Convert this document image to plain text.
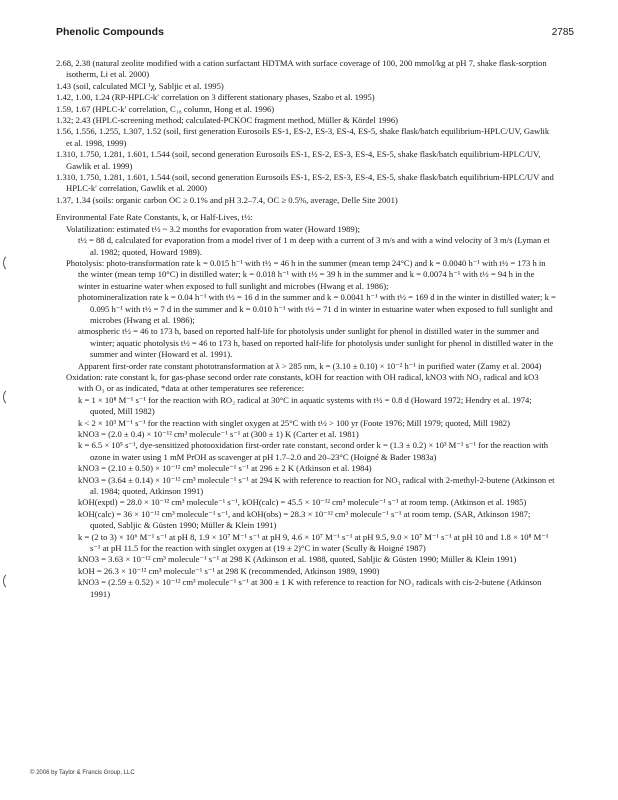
Phenolic Compounds	2785
2.68, 2.38 (natural zeolite modified with a cation surfactant HDTMA with surface coverage of 100, 200 mmol/kg at pH 7, shake flask-sorption isotherm, Li et al. 2000)
1.43 (soil, calculated MCI ¹χ, Sabljic et al. 1995)
1.42, 1.00, 1.24 (RP-HPLC-k′ correlation on 3 different stationary phases, Szabo et al. 1995)
1.59, 1.67 (HPLC-k′ correlation, C₁₈ column, Hong et al. 1996)
1.32; 2.43 (HPLC-screening method; calculated-PCKOC fragment method, Müller & Kördel 1996)
1.56, 1.556, 1.255, 1.307, 1.52 (soil, first generation Eurosoils ES-1, ES-2, ES-3, ES-4, ES-5, shake flask/batch equilibrium-HPLC/UV, Gawlik et al. 1998, 1999)
1.310, 1.750, 1.281, 1.601, 1.544 (soil, second generation Eurosoils ES-1, ES-2, ES-3, ES-4, ES-5, shake flask/batch equilibrium-HPLC/UV, Gawlik et al. 1999)
1.310, 1.750, 1.281, 1.601, 1.544 (soil, second generation Eurosoils ES-1, ES-2, ES-3, ES-4, ES-5, shake flask/batch equilibrium-HPLC/UV and HPLC-k′ correlation, Gawlik et al. 2000)
1.37, 1.34 (soils: organic carbon OC ≥ 0.1% and pH 3.2–7.4, OC ≥ 0.5%, average, Delle Site 2001)
Environmental Fate Rate Constants, k, or Half-Lives, t½:
Volatilization: estimated t½ ~ 3.2 months for evaporation from water (Howard 1989);
t½ = 88 d, calculated for evaporation from a model river of 1 m deep with a current of 3 m/s and with a wind velocity of 3 m/s (Lyman et al. 1982; quoted, Howard 1989).
Photolysis: photo-transformation rate k = 0.015 h⁻¹ with t½ = 46 h in the summer (mean temp 24°C) and k = 0.0040 h⁻¹ with t½ = 173 h in the winter (mean temp 10°C) in distilled water; k = 0.018 h⁻¹ with t½ = 39 h in the summer and k = 0.0074 h⁻¹ with t½ = 94 h in the winter in estuarine water when exposed to full sunlight and microbes (Hwang et al. 1986);
photomineralization rate k = 0.04 h⁻¹ with t½ = 16 d in the summer and k = 0.0041 h⁻¹ with t½ = 169 d in the winter in distilled water; k = 0.095 h⁻¹ with t½ = 7 d in the summer and k = 0.010 h⁻¹ with t½ = 71 d in winter in estuarine water when exposed to full sunlight and microbes (Hwang et al. 1986);
atmospheric t½ = 46 to 173 h, based on reported half-life for photolysis under sunlight for phenol in distilled water in the summer and winter; aquatic photolysis t½ = 46 to 173 h, based on reported half-life for photolysis under sunlight for phenol in distilled water in the summer and winter (Howard et al. 1991).
Apparent first-order rate constant phototransformation at λ > 285 nm, k = (3.10 ± 0.10) × 10⁻² h⁻¹ in purified water (Zamy et al. 2004)
Oxidation: rate constant k, for gas-phase second order rate constants, kOH for reaction with OH radical, kNO3 with NO₃ radical and kO3 with O₃ or as indicated, *data at other temperatures see reference:
k = 1 × 10⁸ M⁻¹ s⁻¹ for the reaction with RO₂ radical at 30°C in aquatic systems with t½ = 0.8 d (Howard 1972; Hendry et al. 1974; quoted, Mill 1982)
k < 2 × 10³ M⁻¹ s⁻¹ for the reaction with singlet oxygen at 25°C with t½ > 100 yr (Foote 1976; Mill 1979; quoted, Mill 1982)
kNO3 = (2.0 ± 0.4) × 10⁻¹² cm³ molecule⁻¹ s⁻¹ at (300 ± 1) K (Carter et al. 1981)
k = 6.5 × 10⁵ s⁻¹, dye-sensitized photooxidation first-order rate constant, second order k = (1.3 ± 0.2) × 10³ M⁻¹ s⁻¹ for the reaction with ozone in water using 1 mM PrOH as scavenger at pH 1.7–2.0 and 20–23°C (Hoigné & Bader 1983a)
kNO3 = (2.10 ± 0.50) × 10⁻¹² cm³ molecule⁻¹ s⁻¹ at 296 ± 2 K (Atkinson et al. 1984)
kNO3 = (3.64 ± 0.14) × 10⁻¹² cm³ molecule⁻¹ s⁻¹ at 294 K with reference to reaction for NO₃ radical with 2-methyl-2-butene (Atkinson et al. 1984; quoted, Atkinson 1991)
kOH(exptl) = 28.0 × 10⁻¹² cm³ molecule⁻¹ s⁻¹, kOH(calc) = 45.5 × 10⁻¹² cm³ molecule⁻¹ s⁻¹ at room temp. (Atkinson et al. 1985)
kOH(calc) = 36 × 10⁻¹² cm³ molecule⁻¹ s⁻¹, and kOH(obs) = 28.3 × 10⁻¹² cm³ molecule⁻¹ s⁻¹ at room temp. (SAR, Atkinson 1987; quoted, Sabljic & Güsten 1990; Müller & Klein 1991)
k = (2 to 3) × 10⁶ M⁻¹ s⁻¹ at pH 8, 1.9 × 10⁷ M⁻¹ s⁻¹ at pH 9, 4.6 × 10⁷ M⁻¹ s⁻¹ at pH 9.5, 9.0 × 10⁷ M⁻¹ s⁻¹ at pH 10 and 1.8 × 10⁸ M⁻¹ s⁻¹ at pH 11.5 for the reaction with singlet oxygen at (19 ± 2)°C in water (Scully & Hoigné 1987)
kNO3 = 3.63 × 10⁻¹² cm³ molecule⁻¹ s⁻¹ at 298 K (Atkinson et al. 1988, quoted, Sabljic & Güsten 1990; Müller & Klein 1991)
kOH = 26.3 × 10⁻¹² cm³ molecule⁻¹ s⁻¹ at 298 K (recommended, Atkinson 1989, 1990)
kNO3 = (2.59 ± 0.52) × 10⁻¹² cm³ molecule⁻¹ s⁻¹ at 300 ± 1 K with reference to reaction for NO₃ radicals with cis-2-butene (Atkinson 1991)
© 2006 by Taylor & Francis Group, LLC
